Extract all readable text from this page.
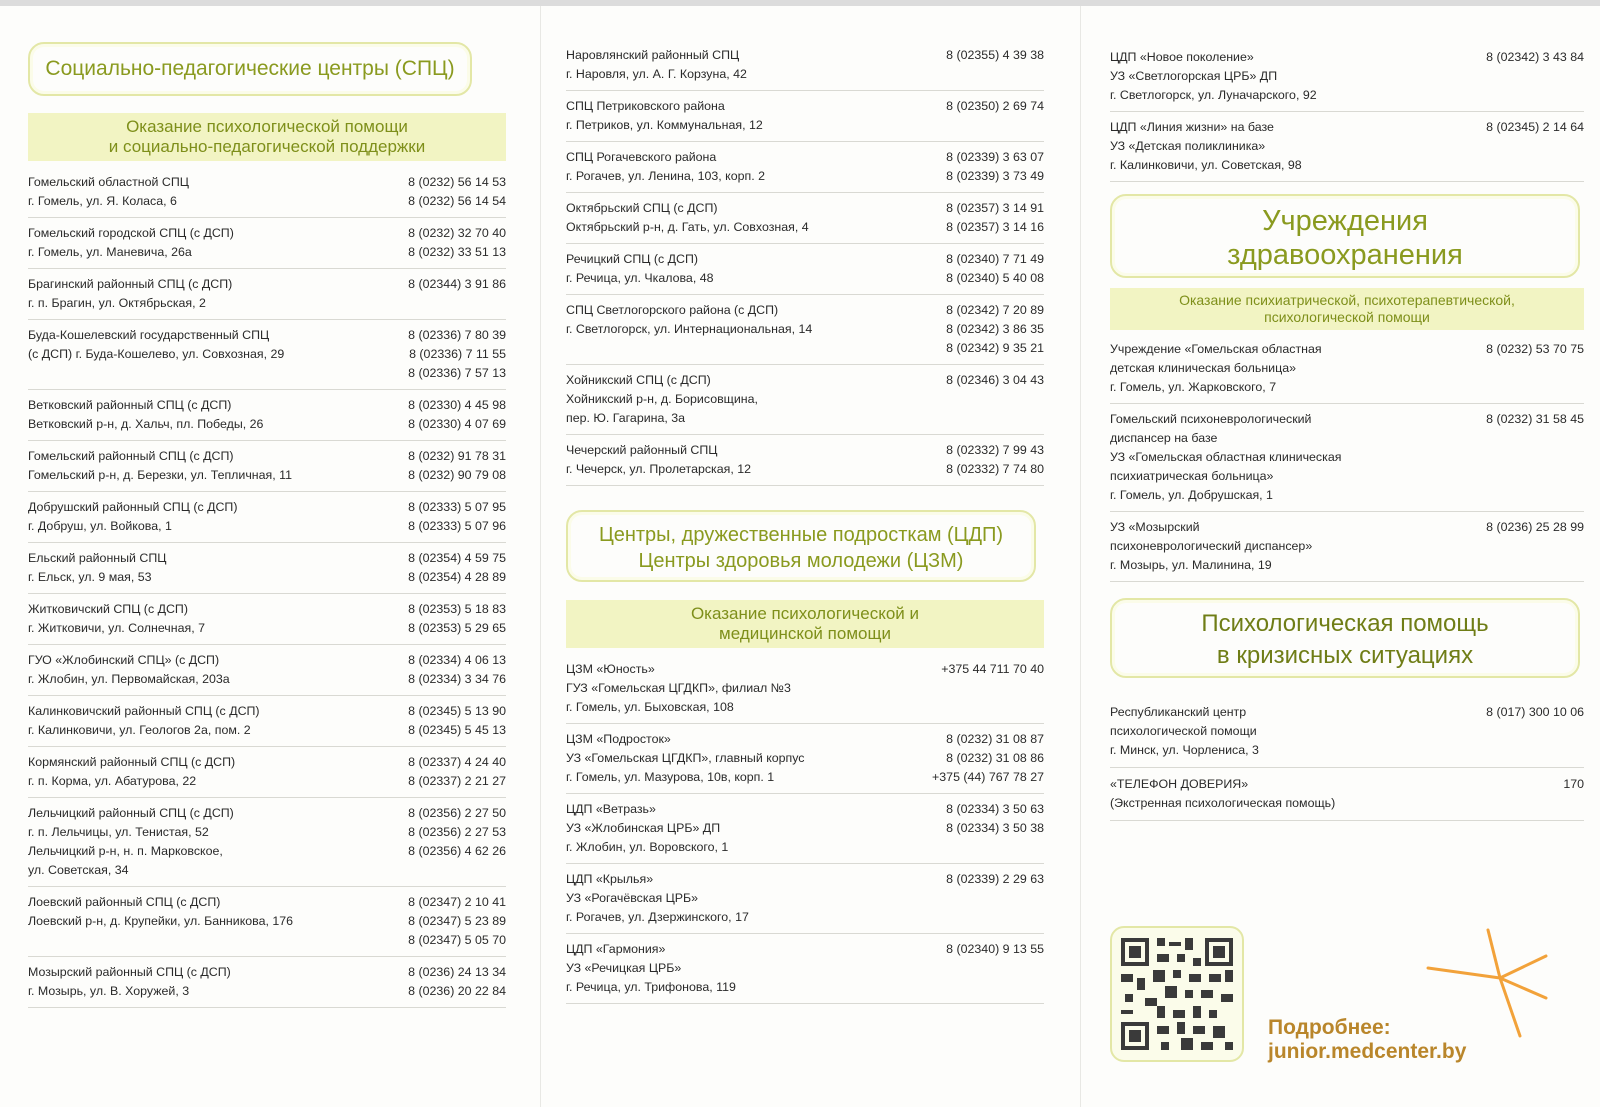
Социально-педагогические центры (СПЦ)
Оказание психологической помощи
и социально-педагогической поддержки
Гомельский областной СПЦ
г. Гомель, ул. Я. Коласа, 6
8 (0232) 56 14 53
8 (0232) 56 14 54
Гомельский городской СПЦ (с ДСП)
г. Гомель, ул. Маневича, 26а
8 (0232) 32 70 40
8 (0232) 33 51 13
Брагинский районный СПЦ (с ДСП)
г. п. Брагин, ул. Октябрьская, 2
8 (02344) 3 91 86
Буда-Кошелевский государственный СПЦ
(с ДСП) г. Буда-Кошелево, ул. Совхозная, 29
8 (02336) 7 80 39
8 (02336) 7 11 55
8 (02336) 7 57 13
Ветковский районный СПЦ (с ДСП)
Ветковский р-н, д. Хальч, пл. Победы, 26
8 (02330) 4 45 98
8 (02330) 4 07 69
Гомельский районный СПЦ (с ДСП)
Гомельский р-н, д. Березки, ул. Тепличная, 11
8 (0232) 91 78 31
8 (0232) 90 79 08
Добрушский районный СПЦ (с ДСП)
г. Добруш, ул. Войкова, 1
8 (02333) 5 07 95
8 (02333) 5 07 96
Ельский районный СПЦ
г. Ельск, ул. 9 мая, 53
8 (02354) 4 59 75
8 (02354) 4 28 89
Житковичский СПЦ (с ДСП)
г. Житковичи, ул. Солнечная, 7
8 (02353) 5 18 83
8 (02353) 5 29 65
ГУО «Жлобинский СПЦ» (с ДСП)
г. Жлобин, ул. Первомайская, 203а
8 (02334) 4 06 13
8 (02334) 3 34 76
Калинковичский районный СПЦ (с ДСП)
г. Калинковичи, ул. Геологов 2а, пом. 2
8 (02345) 5 13 90
8 (02345) 5 45 13
Кормянский районный СПЦ (с ДСП)
г. п. Корма, ул. Абатурова, 22
8 (02337) 4 24 40
8 (02337) 2 21 27
Лельчицкий районный СПЦ (с ДСП)
г. п. Лельчицы, ул. Тенистая, 52
Лельчицкий р-н, н. п. Марковское,
ул. Советская, 34
8 (02356) 2 27 50
8 (02356) 2 27 53
8 (02356) 4 62 26
Лоевский районный СПЦ (с ДСП)
Лоевский р-н, д. Крупейки, ул. Банникова, 176
8 (02347) 2 10 41
8 (02347) 5 23 89
8 (02347) 5 05 70
Мозырский районный СПЦ (с ДСП)
г. Мозырь, ул. В. Хоружей, 3
8 (0236) 24 13 34
8 (0236) 20 22 84
Наровлянский районный СПЦ
г. Наровля, ул. А. Г. Корзуна, 42
8 (02355) 4 39 38
СПЦ Петриковского района
г. Петриков, ул. Коммунальная, 12
8 (02350) 2 69 74
СПЦ Рогачевского района
г. Рогачев, ул. Ленина, 103, корп. 2
8 (02339) 3 63 07
8 (02339) 3 73 49
Октябрьский СПЦ (с ДСП)
Октябрьский р-н, д. Гать, ул. Совхозная, 4
8 (02357) 3 14 91
8 (02357) 3 14 16
Речицкий СПЦ (с ДСП)
г. Речица, ул. Чкалова, 48
8 (02340) 7 71 49
8 (02340) 5 40 08
СПЦ Светлогорского района (с ДСП)
г. Светлогорск, ул. Интернациональная, 14
8 (02342) 7 20 89
8 (02342) 3 86 35
8 (02342) 9 35 21
Хойникский СПЦ (с ДСП)
Хойникский р-н, д. Борисовщина,
пер. Ю. Гагарина, 3а
8 (02346) 3 04 43
Чечерский районный СПЦ
г. Чечерск, ул. Пролетарская, 12
8 (02332) 7 99 43
8 (02332) 7 74 80
Центры, дружественные подросткам (ЦДП)
Центры здоровья молодежи (ЦЗМ)
Оказание психологической и
медицинской помощи
ЦЗМ «Юность»
ГУЗ «Гомельская ЦГДКП», филиал №3
г. Гомель, ул. Быховская, 108
+375 44 711 70 40
ЦЗМ «Подросток»
УЗ «Гомельская ЦГДКП», главный корпус
г. Гомель, ул. Мазурова, 10в, корп. 1
8 (0232) 31 08 87
8 (0232) 31 08 86
+375 (44) 767 78 27
ЦДП «Ветразь»
УЗ «Жлобинская ЦРБ» ДП
г. Жлобин, ул. Воровского, 1
8 (02334) 3 50 63
8 (02334) 3 50 38
ЦДП «Крылья»
УЗ «Рогачёвская ЦРБ»
г. Рогачев, ул. Дзержинского, 17
8 (02339) 2 29 63
ЦДП «Гармония»
УЗ «Речицкая ЦРБ»
г. Речица, ул. Трифонова, 119
8 (02340) 9 13 55
ЦДП «Новое поколение»
УЗ «Светлогорская ЦРБ» ДП
г. Светлогорск, ул. Луначарского, 92
8 (02342) 3 43 84
ЦДП «Линия жизни» на базе
УЗ «Детская поликлиника»
г. Калинковичи, ул. Советская, 98
8 (02345) 2 14 64
Учреждения
здравоохранения
Оказание психиатрической, психотерапевтической,
психологической помощи
Учреждение «Гомельская областная
детская клиническая больница»
г. Гомель, ул. Жарковского, 7
8 (0232) 53 70 75
Гомельский психоневрологический
диспансер на базе
УЗ «Гомельская областная клиническая
психиатрическая больница»
г. Гомель, ул. Добрушская, 1
8 (0232) 31 58 45
УЗ «Мозырский
психоневрологический диспансер»
г. Мозырь, ул. Малинина, 19
8 (0236) 25 28 99
Психологическая помощь
в кризисных ситуациях
Республиканский центр
психологической помощи
г. Минск, ул. Чорлениса, 3
8 (017) 300 10 06
«ТЕЛЕФОН ДОВЕРИЯ»
(Экстренная психологическая помощь)
170
Подробнее:
junior.medcenter.by
